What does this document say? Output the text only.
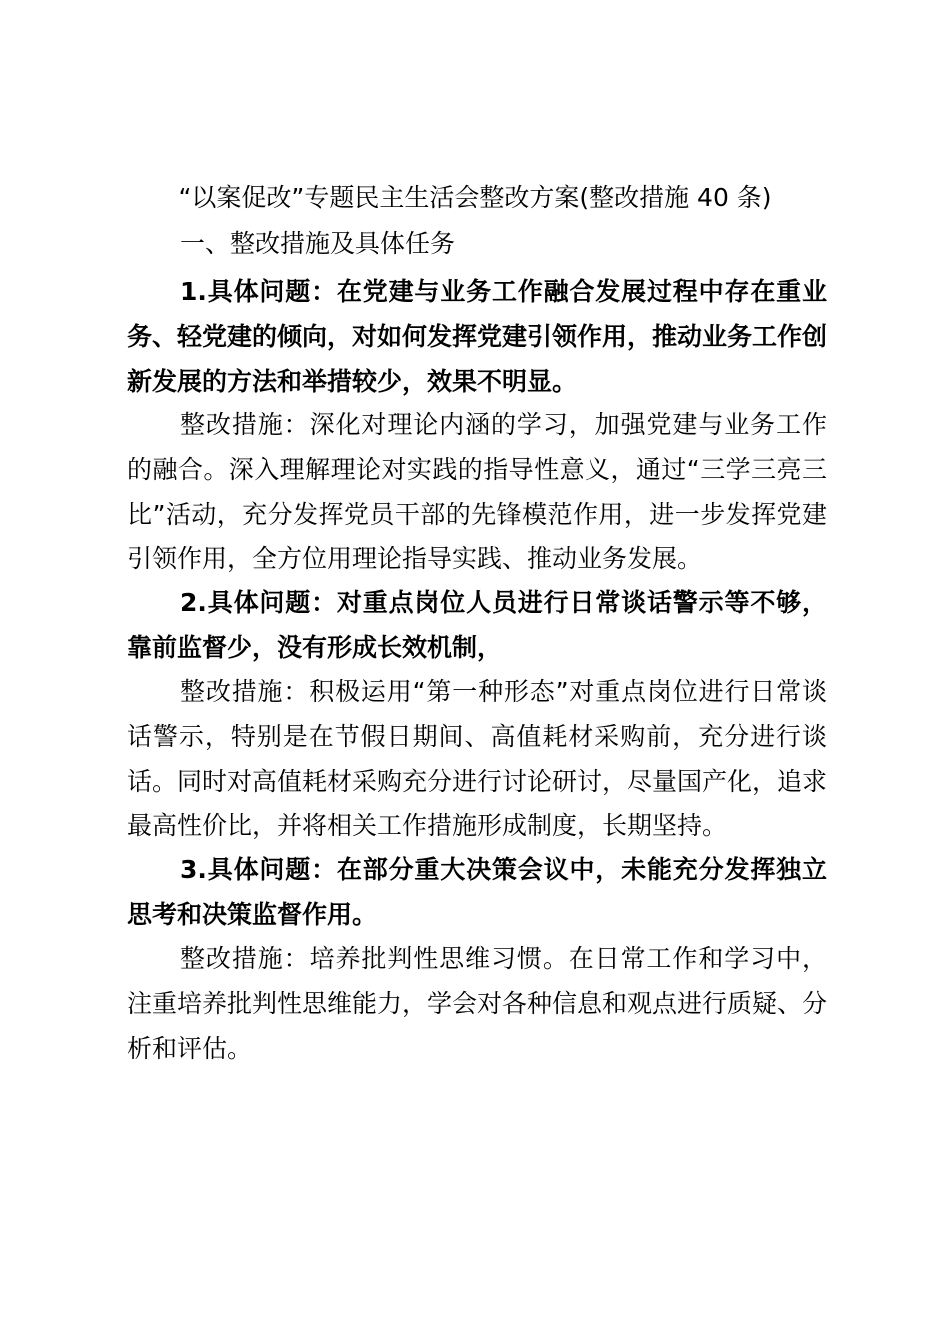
“以案促改”专题民主生活会整改方案(整改措施 40 条)
一、整改措施及具体任务

1.具体问题：在党建与业务工作融合发展过程中存在重业务、轻党建的倾向，对如何发挥党建引领作用，推动业务工作创新发展的方法和举措较少，效果不明显。

整改措施：深化对理论内涵的学习，加强党建与业务工作的融合。深入理解理论对实践的指导性意义，通过“三学三亮三比”活动，充分发挥党员干部的先锋模范作用，进一步发挥党建引领作用，全方位用理论指导实践、推动业务发展。

2.具体问题：对重点岗位人员进行日常谈话警示等不够，靠前监督少，没有形成长效机制，

整改措施：积极运用“第一种形态”对重点岗位进行日常谈话警示，特别是在节假日期间、高值耗材采购前，充分进行谈话。同时对高值耗材采购充分进行讨论研讨，尽量国产化，追求最高性价比，并将相关工作措施形成制度，长期坚持。

3.具体问题：在部分重大决策会议中，未能充分发挥独立思考和决策监督作用。

整改措施：培养批判性思维习惯。在日常工作和学习中，注重培养批判性思维能力，学会对各种信息和观点进行质疑、分析和评估。
